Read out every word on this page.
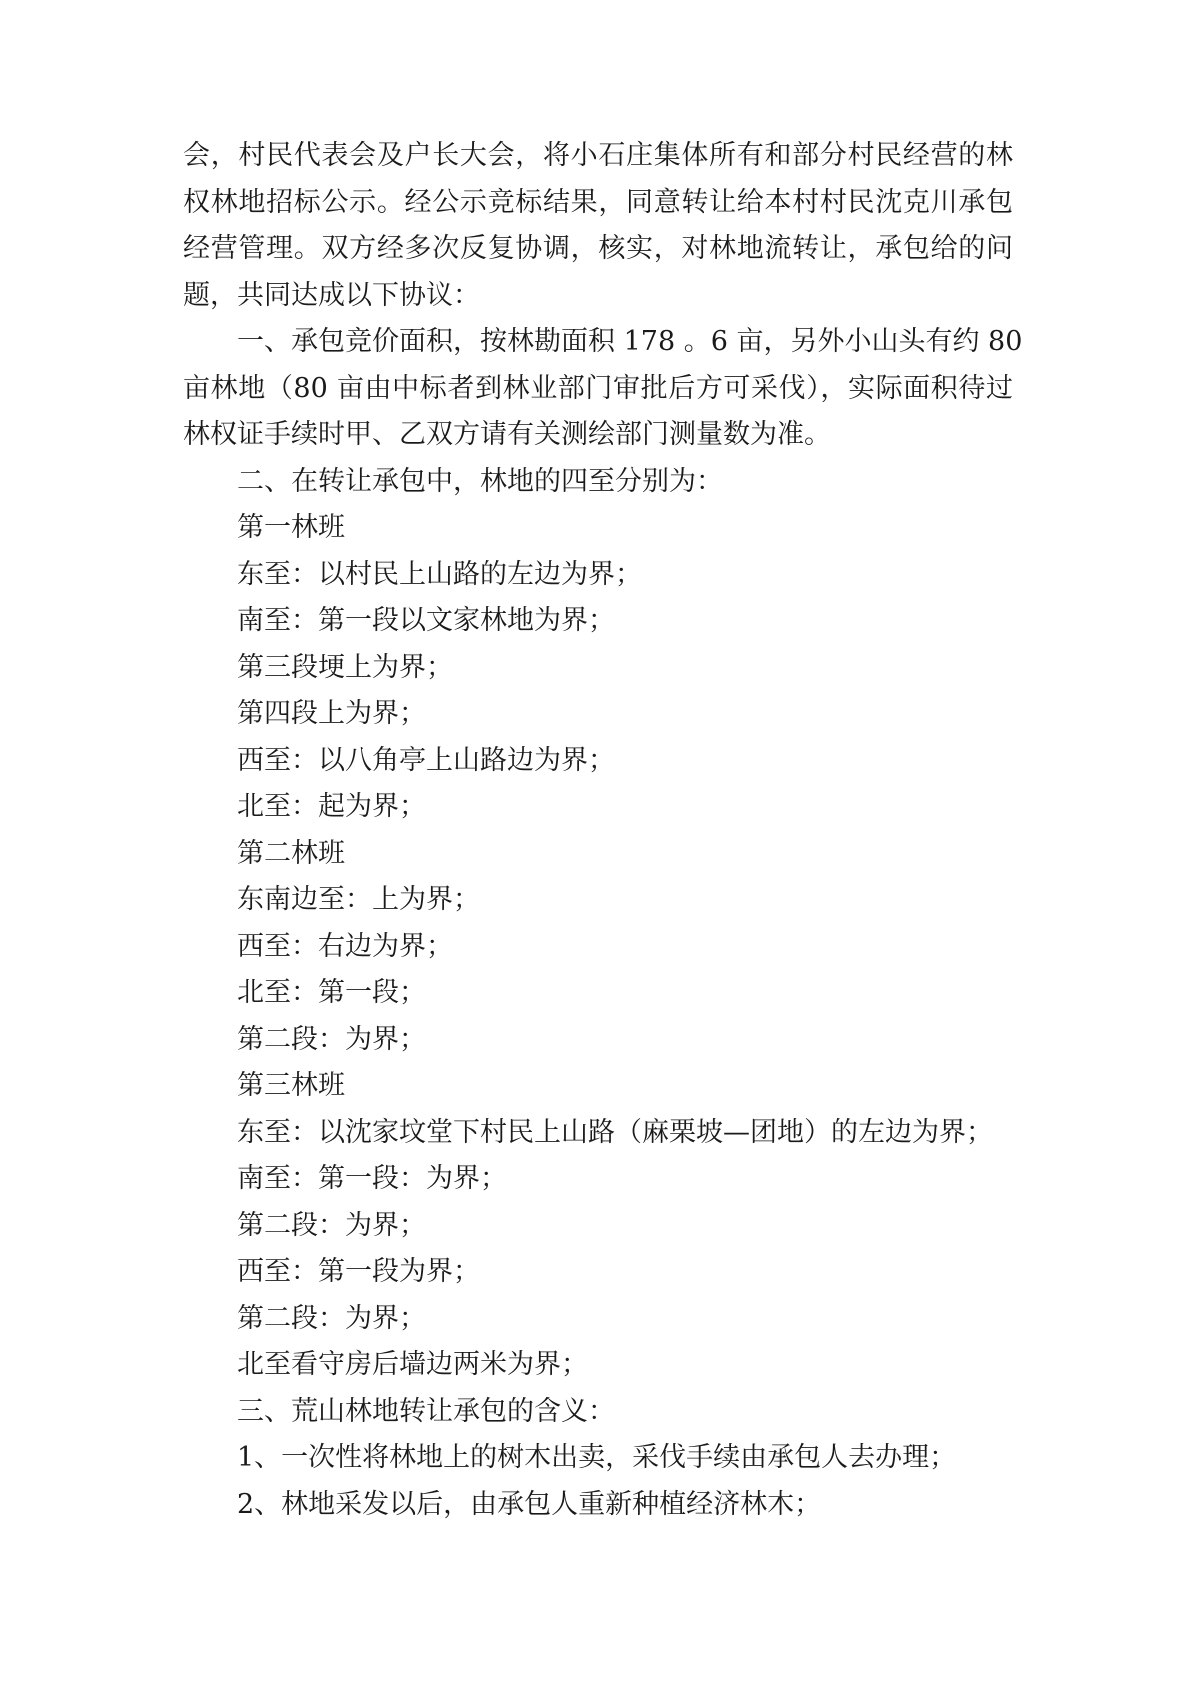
会，村民代表会及户长大会，将小石庄集体所有和部分村民经营的林

权林地招标公示。经公示竞标结果，同意转让给本村村民沈克川承包

经营管理。双方经多次反复协调，核实，对林地流转让，承包给的问

题，共同达成以下协议：

一、承包竞价面积，按林勘面积 178 。6 亩，另外小山头有约 80

亩林地（80 亩由中标者到林业部门审批后方可采伐），实际面积待过

林权证手续时甲、乙双方请有关测绘部门测量数为准。

二、在转让承包中，林地的四至分别为：

第一林班

东至：以村民上山路的左边为界；

南至：第一段以文家林地为界；

第三段埂上为界；

第四段上为界；

西至：以八角亭上山路边为界；

北至：起为界；

第二林班

东南边至：上为界；

西至：右边为界；

北至：第一段；

第二段：为界；

第三林班

东至：以沈家坟堂下村民上山路（麻栗坡—团地）的左边为界；

南至：第一段：为界；

第二段：为界；

西至：第一段为界；

第二段：为界；

北至看守房后墙边两米为界；

三、荒山林地转让承包的含义：

1、一次性将林地上的树木出卖，采伐手续由承包人去办理；

2、林地采发以后，由承包人重新种植经济林木；
